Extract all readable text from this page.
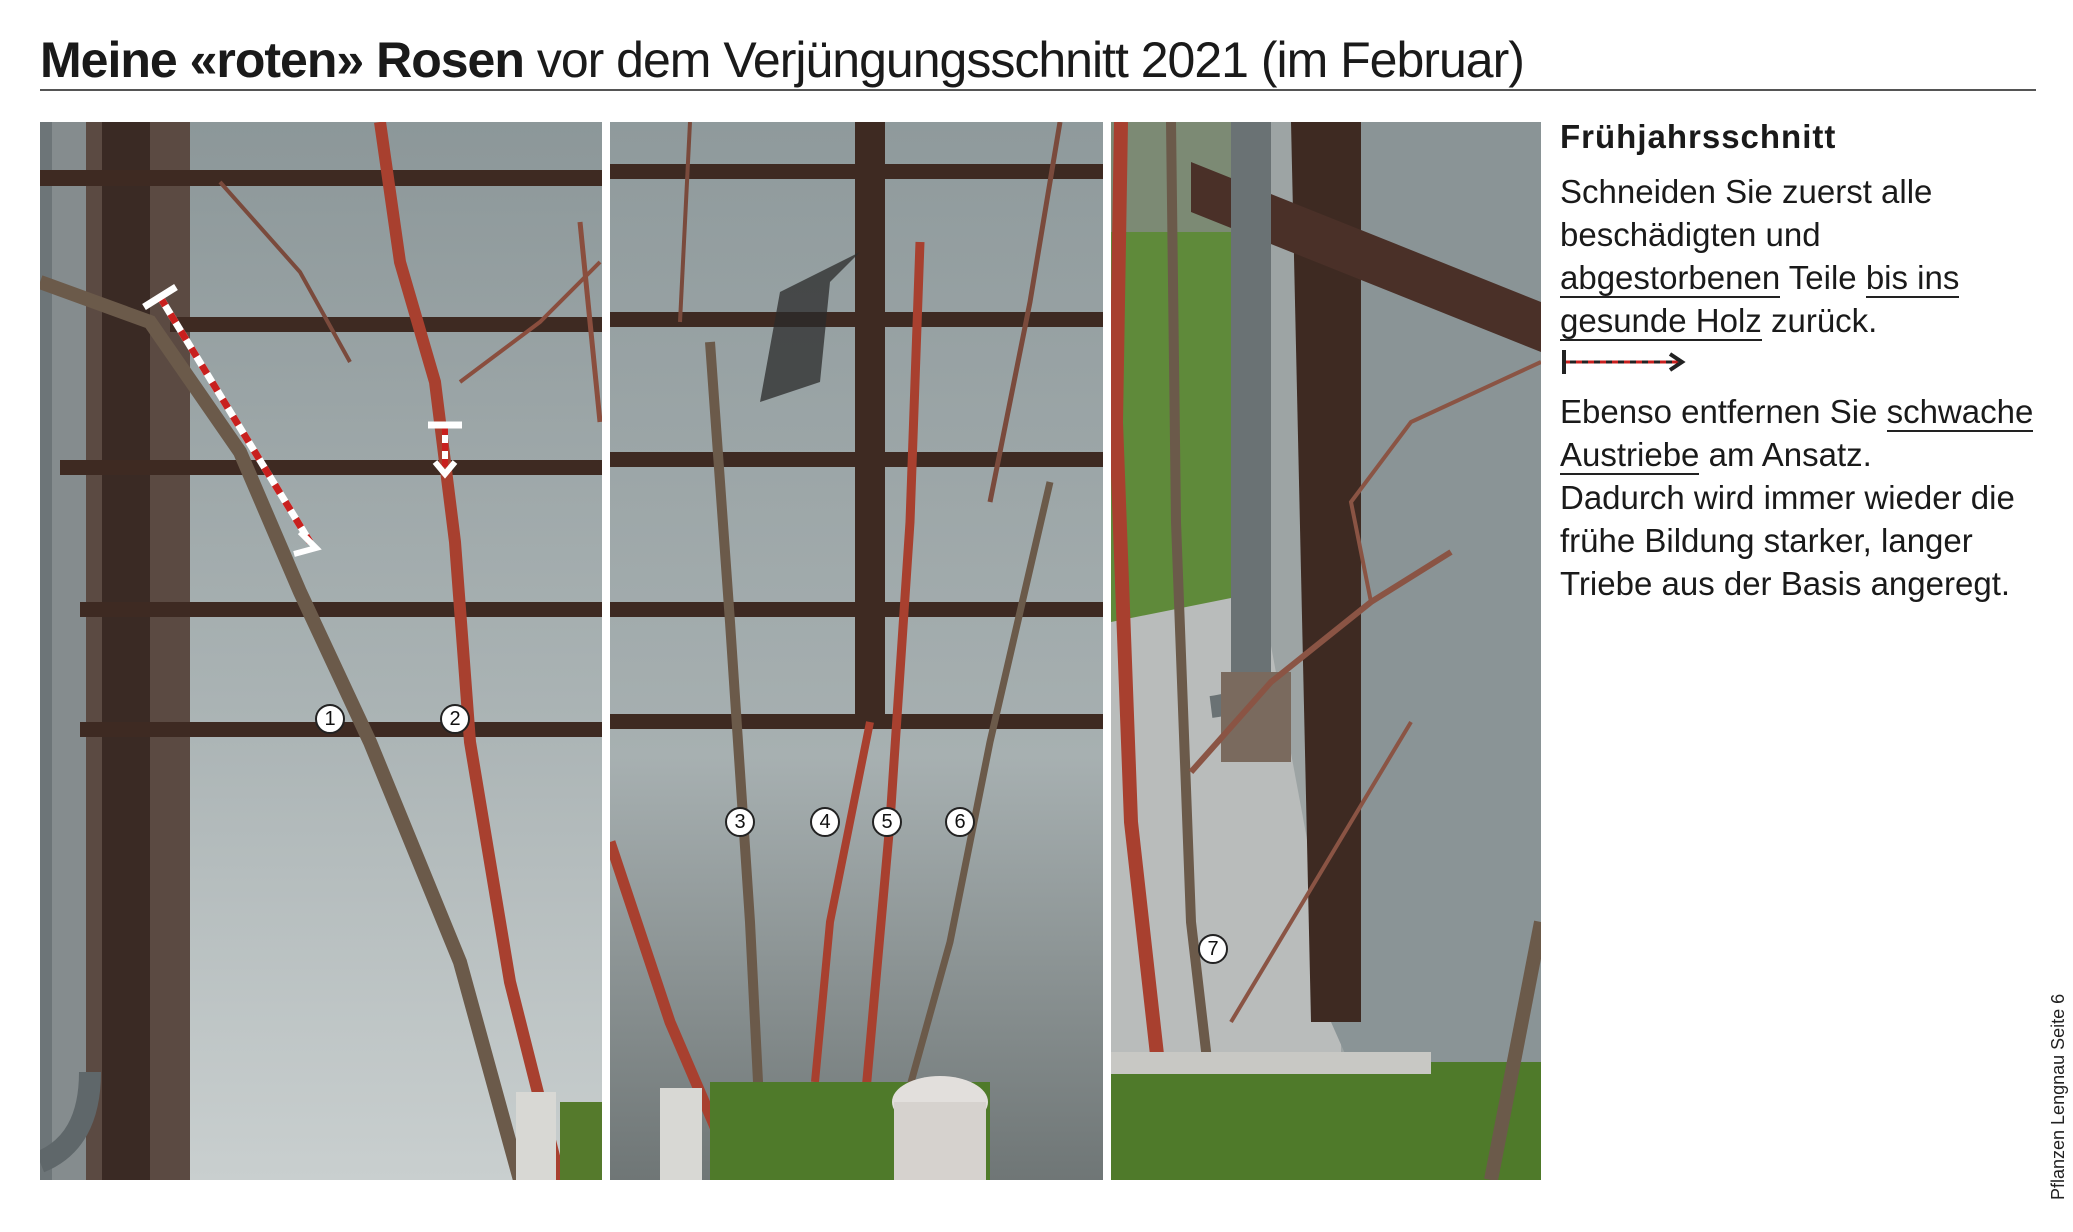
Meine «roten» Rosen vor dem Verjüngungsschnitt 2021 (im Februar)
1	2
3	4	5	6
7

Frühjahrsschnitt

Schneiden Sie zuerst alle beschädigten und abgestorbenen Teile bis ins gesunde Holz zurück.

Ebenso entfernen Sie schwache Austriebe am Ansatz.

Dadurch wird immer wieder die frühe Bildung starker, langer Triebe aus der Basis angeregt.

Pflanzen Lengnau Seite 6
